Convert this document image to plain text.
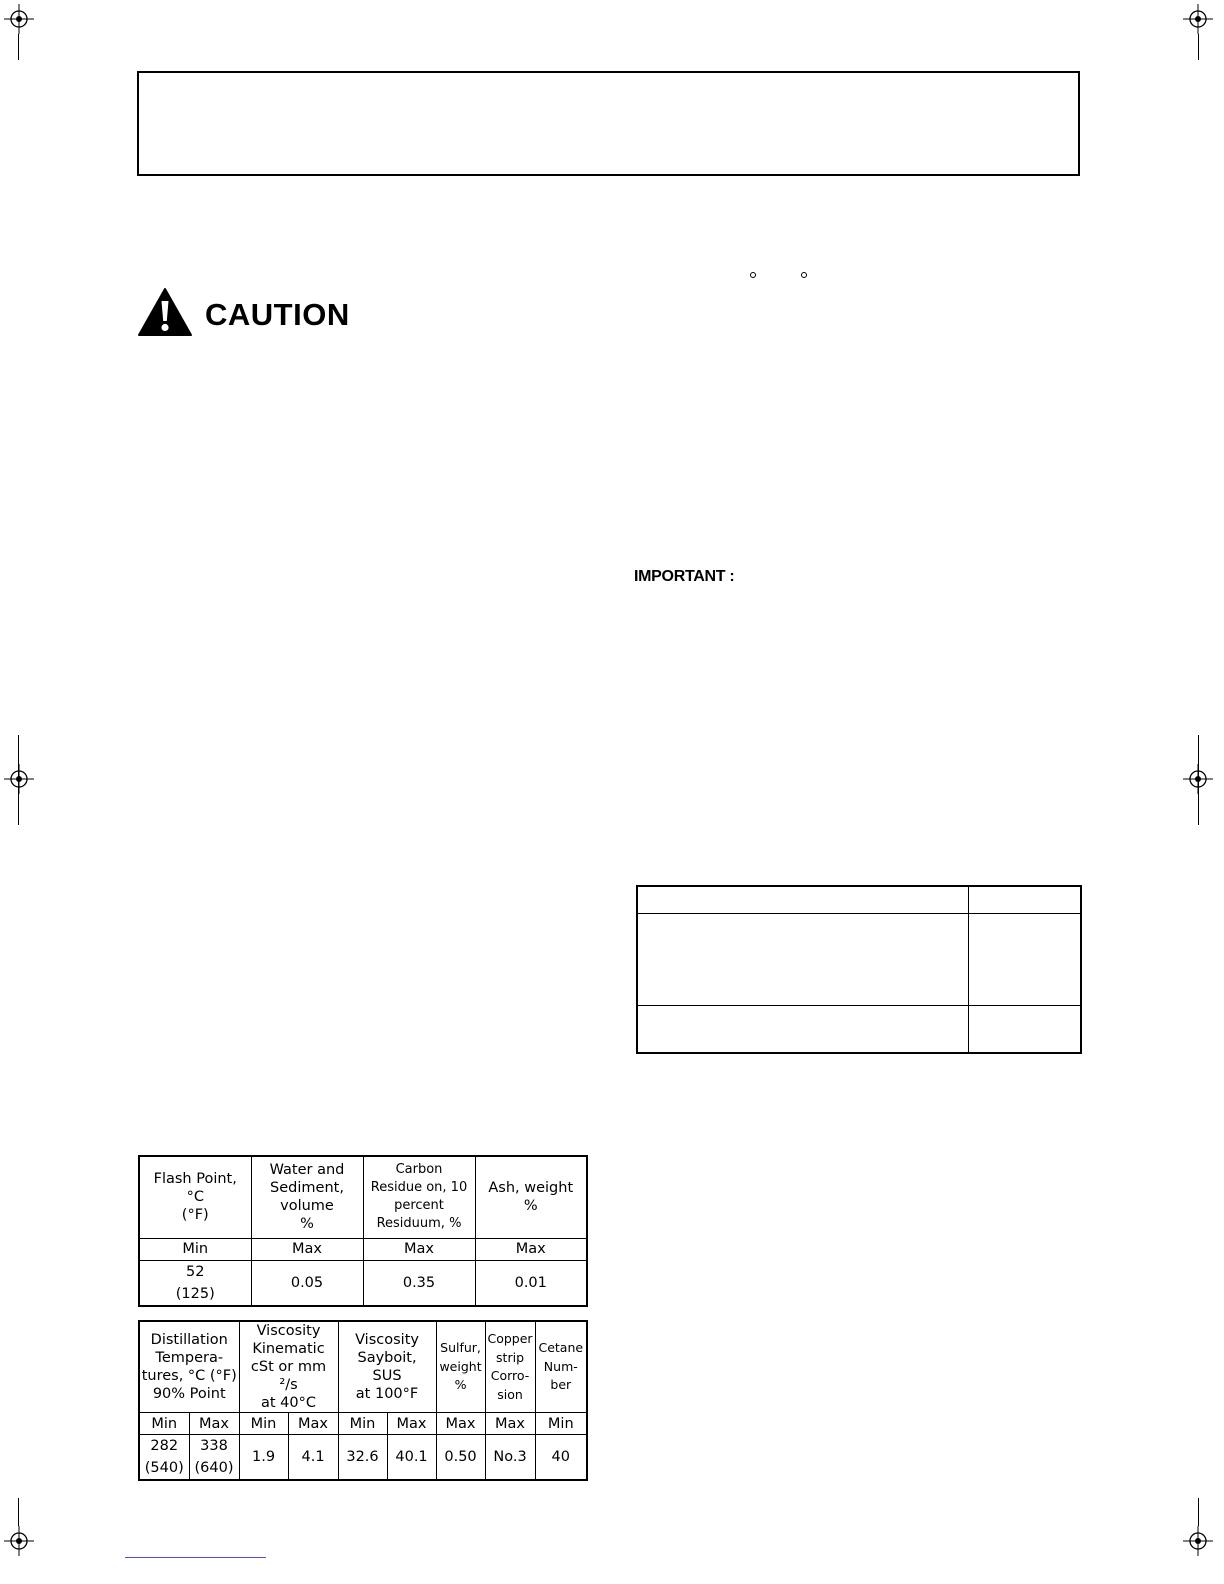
CAUTION
IMPORTANT :
Flash Point,
°C
(°F)	Water and
Sediment,
volume
%	Carbon
Residue on, 10
percent
Residuum, %	Ash, weight
%
Min	Max	Max	Max
52
(125)	0.05	0.35	0.01
Distillation
Tempera-
tures, °C (°F)
90% Point		Viscosity
Kinematic
cSt or mm ²/s
at 40°C		Viscosity
Sayboit,
SUS
at 100°F		Sulfur,
weight
%	Copper
strip
Corro-
sion	Cetane
Num-
ber
Min	Max	Min	Max	Min	Max	Max	Max	Min
282
(540)	338
(640)	1.9	4.1	32.6	40.1	0.50	No.3	40
